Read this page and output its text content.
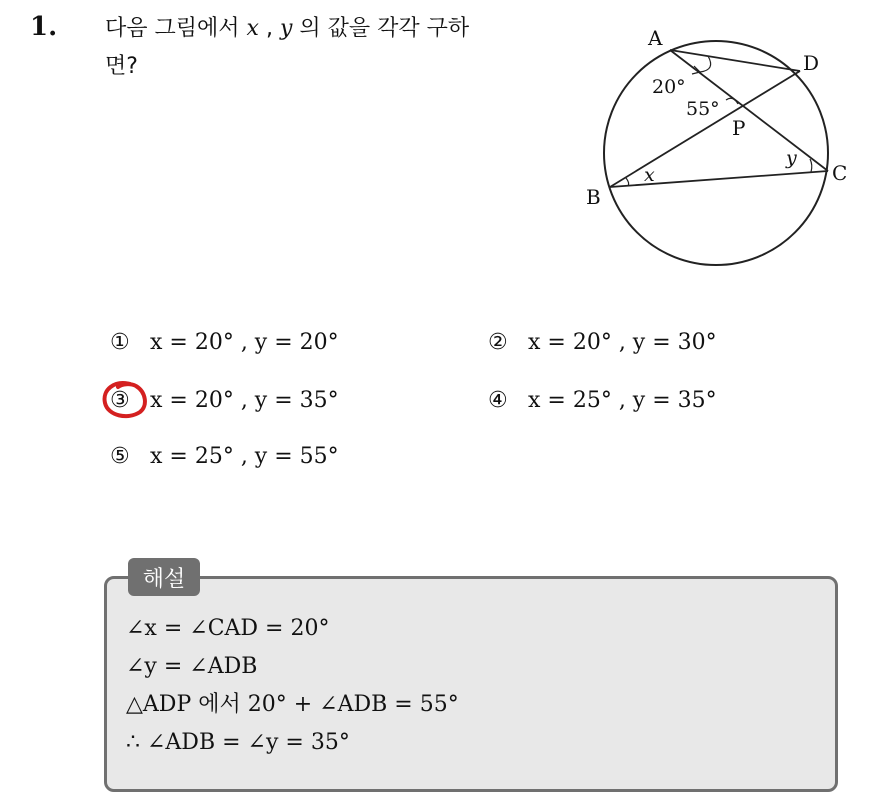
1. 다음 그림에서 x , y 의 값을 각각 구하
면?
A
D
P
B
C
20°
55°
x
y
① x = 20° , y = 20°	② x = 20° , y = 30°
③ x = 20° , y = 35°	④ x = 25° , y = 35°
⑤ x = 25° , y = 55°
해설
∠x = ∠CAD = 20°
∠y = ∠ADB
△ADP 에서 20° + ∠ADB = 55°
∴ ∠ADB = ∠y = 35°
